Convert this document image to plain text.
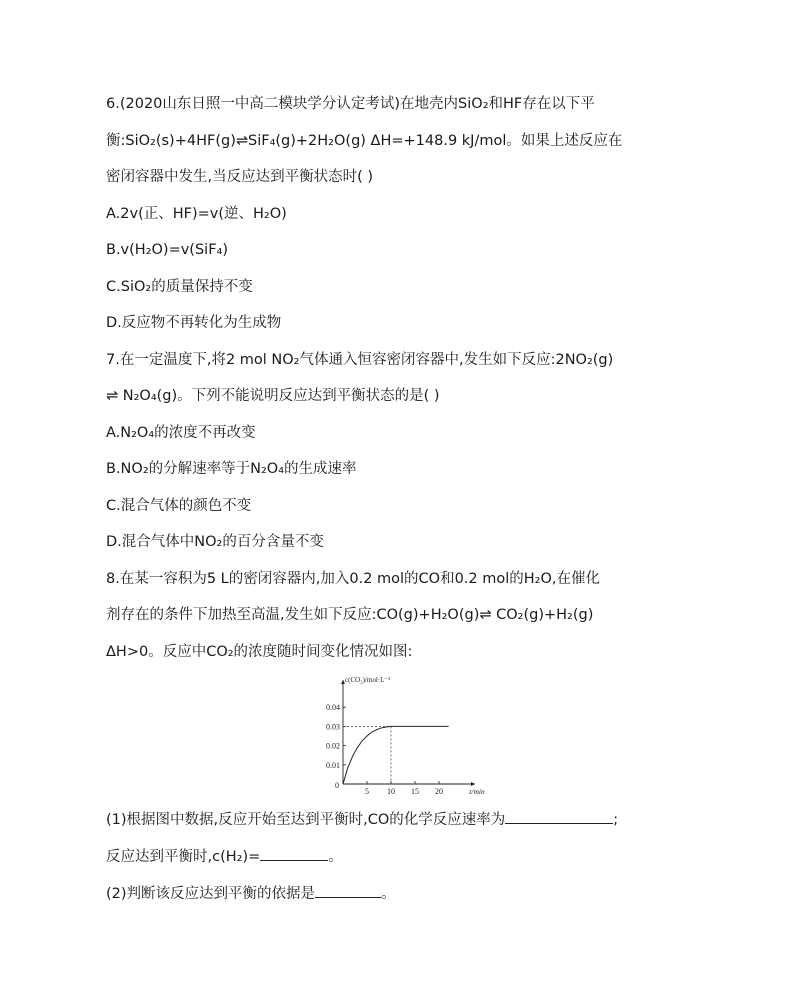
6.(2020山东日照一中高二模块学分认定考试)在地壳内SiO₂和HF存在以下平
衡:SiO₂(s)+4HF(g)⇌SiF₄(g)+2H₂O(g) ΔH=+148.9 kJ/mol。如果上述反应在
密闭容器中发生,当反应达到平衡状态时( )
A.2v(正、HF)=v(逆、H₂O)
B.v(H₂O)=v(SiF₄)
C.SiO₂的质量保持不变
D.反应物不再转化为生成物
7.在一定温度下,将2 mol NO₂气体通入恒容密闭容器中,发生如下反应:2NO₂(g)
⇌ N₂O₄(g)。下列不能说明反应达到平衡状态的是( )
A.N₂O₄的浓度不再改变
B.NO₂的分解速率等于N₂O₄的生成速率
C.混合气体的颜色不变
D.混合气体中NO₂的百分含量不变
8.在某一容积为5 L的密闭容器内,加入0.2 mol的CO和0.2 mol的H₂O,在催化
剂存在的条件下加热至高温,发生如下反应:CO(g)+H₂O(g)⇌ CO₂(g)+H₂(g)
ΔH>0。反应中CO₂的浓度随时间变化情况如图:
0.01
0.02
0.03
0.04
5 10 15 20
0
c(CO₂)/mol·L⁻¹
t/min
(1)根据图中数据,反应开始至达到平衡时,CO的化学反应速率为	;
反应达到平衡时,c(H₂)=	。
(2)判断该反应达到平衡的依据是	。
